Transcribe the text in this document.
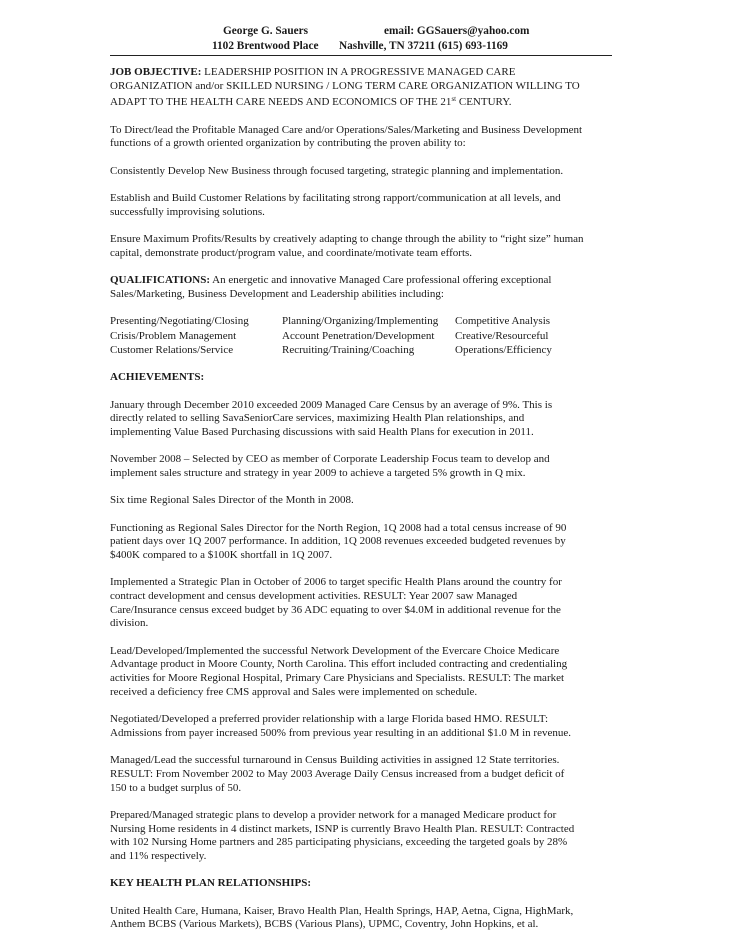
George G. Sauers	email: GGSauers@yahoo.com
1102 Brentwood Place Nashville, TN 37211 (615) 693-1169
JOB OBJECTIVE: LEADERSHIP POSITION IN A PROGRESSIVE MANAGED CARE
ORGANIZATION and/or SKILLED NURSING / LONG TERM CARE ORGANIZATION WILLING TO
ADAPT TO THE HEALTH CARE NEEDS AND ECONOMICS OF THE 21st CENTURY.
To Direct/lead the Profitable Managed Care and/or Operations/Sales/Marketing and Business Development
functions of a growth oriented organization by contributing the proven ability to:
Consistently Develop New Business through focused targeting, strategic planning and implementation.
Establish and Build Customer Relations by facilitating strong rapport/communication at all levels, and
successfully improvising solutions.
Ensure Maximum Profits/Results by creatively adapting to change through the ability to “right size” human
capital, demonstrate product/program value, and coordinate/motivate team efforts.
QUALIFICATIONS: An energetic and innovative Managed Care professional offering exceptional
Sales/Marketing, Business Development and Leadership abilities including:
Presenting/Negotiating/Closing	Planning/Organizing/Implementing	Competitive Analysis
Crisis/Problem Management	Account Penetration/Development	Creative/Resourceful
Customer Relations/Service	Recruiting/Training/Coaching	Operations/Efficiency
ACHIEVEMENTS:
January through December 2010 exceeded 2009 Managed Care Census by an average of 9%. This is
directly related to selling SavaSeniorCare services, maximizing Health Plan relationships, and
implementing Value Based Purchasing discussions with said Health Plans for execution in 2011.
November 2008 – Selected by CEO as member of Corporate Leadership Focus team to develop and
implement sales structure and strategy in year 2009 to achieve a targeted 5% growth in Q mix.
Six time Regional Sales Director of the Month in 2008.
Functioning as Regional Sales Director for the North Region, 1Q 2008 had a total census increase of 90
patient days over 1Q 2007 performance. In addition, 1Q 2008 revenues exceeded budgeted revenues by
$400K compared to a $100K shortfall in 1Q 2007.
Implemented a Strategic Plan in October of 2006 to target specific Health Plans around the country for
contract development and census development activities. RESULT: Year 2007 saw Managed
Care/Insurance census exceed budget by 36 ADC equating to over $4.0M in additional revenue for the
division.
Lead/Developed/Implemented the successful Network Development of the Evercare Choice Medicare
Advantage product in Moore County, North Carolina. This effort included contracting and credentialing
activities for Moore Regional Hospital, Primary Care Physicians and Specialists. RESULT: The market
received a deficiency free CMS approval and Sales were implemented on schedule.
Negotiated/Developed a preferred provider relationship with a large Florida based HMO. RESULT:
Admissions from payer increased 500% from previous year resulting in an additional $1.0 M in revenue.
Managed/Lead the successful turnaround in Census Building activities in assigned 12 State territories.
RESULT: From November 2002 to May 2003 Average Daily Census increased from a budget deficit of
150 to a budget surplus of 50.
Prepared/Managed strategic plans to develop a provider network for a managed Medicare product for
Nursing Home residents in 4 distinct markets, ISNP is currently Bravo Health Plan. RESULT: Contracted
with 102 Nursing Home partners and 285 participating physicians, exceeding the targeted goals by 28%
and 11% respectively.
KEY HEALTH PLAN RELATIONSHIPS:
United Health Care, Humana, Kaiser, Bravo Health Plan, Health Springs, HAP, Aetna, Cigna, HighMark,
Anthem BCBS (Various Markets), BCBS (Various Plans), UPMC, Coventry, John Hopkins, et al.
